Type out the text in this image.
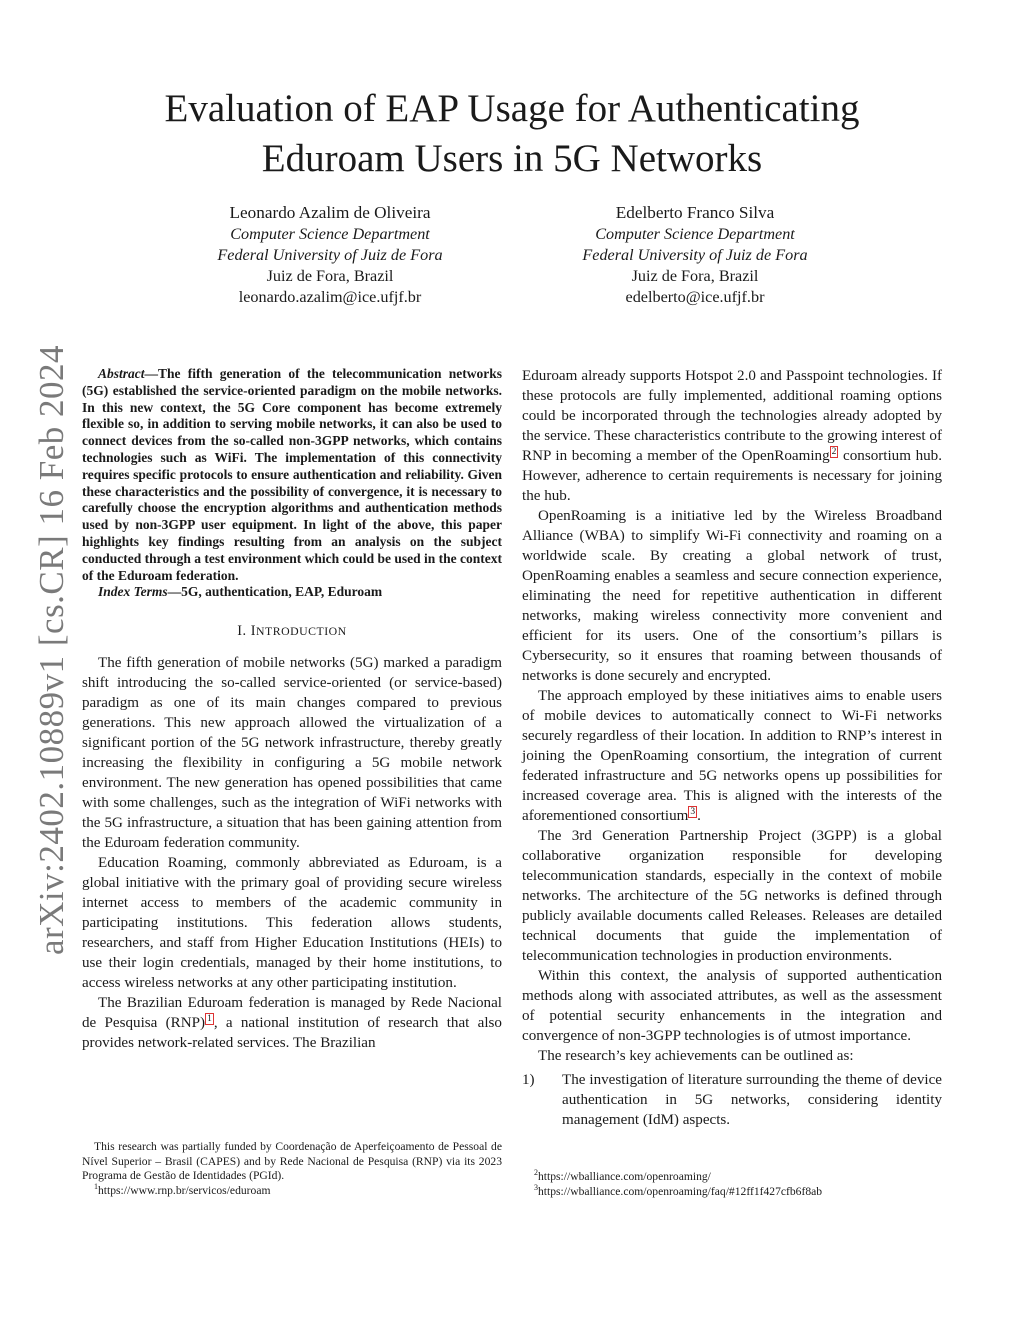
Evaluation of EAP Usage for Authenticating
Eduroam Users in 5G Networks
Leonardo Azalim de Oliveira
Computer Science Department
Federal University of Juiz de Fora
Juiz de Fora, Brazil
leonardo.azalim@ice.ufjf.br
Edelberto Franco Silva
Computer Science Department
Federal University of Juiz de Fora
Juiz de Fora, Brazil
edelberto@ice.ufjf.br
arXiv:2402.10889v1 [cs.CR] 16 Feb 2024	Abstract—The fifth generation of the telecommunication networks (5G) established the service-oriented paradigm on the mobile networks. In this new context, the 5G Core component has become extremely flexible so, in addition to serving mobile networks, it can also be used to connect devices from the so-called non-3GPP networks, which contains technologies such as WiFi. The implementation of this connectivity requires specific protocols to ensure authentication and reliability. Given these characteristics and the possibility of convergence, it is necessary to carefully choose the encryption algorithms and authentication methods used by non-3GPP user equipment. In light of the above, this paper highlights key findings resulting from an analysis on the subject conducted through a test environment which could be used in the context of the Eduroam federation.

Index Terms—5G, authentication, EAP, Eduroam

I. INTRODUCTION

The fifth generation of mobile networks (5G) marked a paradigm shift introducing the so-called service-oriented (or service-based) paradigm as one of its main changes compared to previous generations. This new approach allowed the virtualization of a significant portion of the 5G network infrastructure, thereby greatly increasing the flexibility in configuring a 5G mobile network environment. The new generation has opened possibilities that came with some challenges, such as the integration of WiFi networks with the 5G infrastructure, a situation that has been gaining attention from the Eduroam federation community.

Education Roaming, commonly abbreviated as Eduroam, is a global initiative with the primary goal of providing secure wireless internet access to members of the academic community in participating institutions. This federation allows students, researchers, and staff from Higher Education Institutions (HEIs) to use their login credentials, managed by their home institutions, to access wireless networks at any other participating institution.

The Brazilian Eduroam federation is managed by Rede Nacional de Pesquisa (RNP) $^1$ , a national institution of research that also provides network-related services. The Brazilian

This research was partially funded by Coordenação de Aperfeiçoamento de Pessoal de Nível Superior – Brasil (CAPES) and by Rede Nacional de Pesquisa (RNP) via its 2023 Programa de Gestão de Identidades (PGId).

$^1$https://www.rnp.br/servicos/eduroam

Eduroam already supports Hotspot 2.0 and Passpoint technologies. If these protocols are fully implemented, additional roaming options could be incorporated through the technologies already adopted by the service. These characteristics contribute to the growing interest of RNP in becoming a member of the OpenRoaming $^2$ consortium hub. However, adherence to certain requirements is necessary for joining the hub.

OpenRoaming is a initiative led by the Wireless Broadband Alliance (WBA) to simplify Wi-Fi connectivity and roaming on a worldwide scale. By creating a global network of trust, OpenRoaming enables a seamless and secure connection experience, eliminating the need for repetitive authentication in different networks, making wireless connectivity more convenient and efficient for its users. One of the consortium’s pillars is Cybersecurity, so it ensures that roaming between thousands of networks is done securely and encrypted.

The approach employed by these initiatives aims to enable users of mobile devices to automatically connect to Wi-Fi networks securely regardless of their location. In addition to RNP’s interest in joining the OpenRoaming consortium, the integration of current federated infrastructure and 5G networks opens up possibilities for increased coverage area. This is aligned with the interests of the aforementioned consortium $^3$ .

The 3rd Generation Partnership Project (3GPP) is a global collaborative organization responsible for developing telecommunication standards, especially in the context of mobile networks. The architecture of the 5G networks is defined through publicly available documents called Releases. Releases are detailed technical documents that guide the implementation of telecommunication technologies in production environments.

Within this context, the analysis of supported authentication methods along with associated attributes, as well as the assessment of potential security enhancements in the integration and convergence of non-3GPP technologies is of utmost importance.

The research’s key achievements can be outlined as:

1)	The investigation of literature surrounding the theme of device authentication in 5G networks, considering identity management (IdM) aspects.

$^2$https://wballiance.com/openroaming/

$^3$https://wballiance.com/openroaming/faq/#12ff1f427cfb6f8ab
